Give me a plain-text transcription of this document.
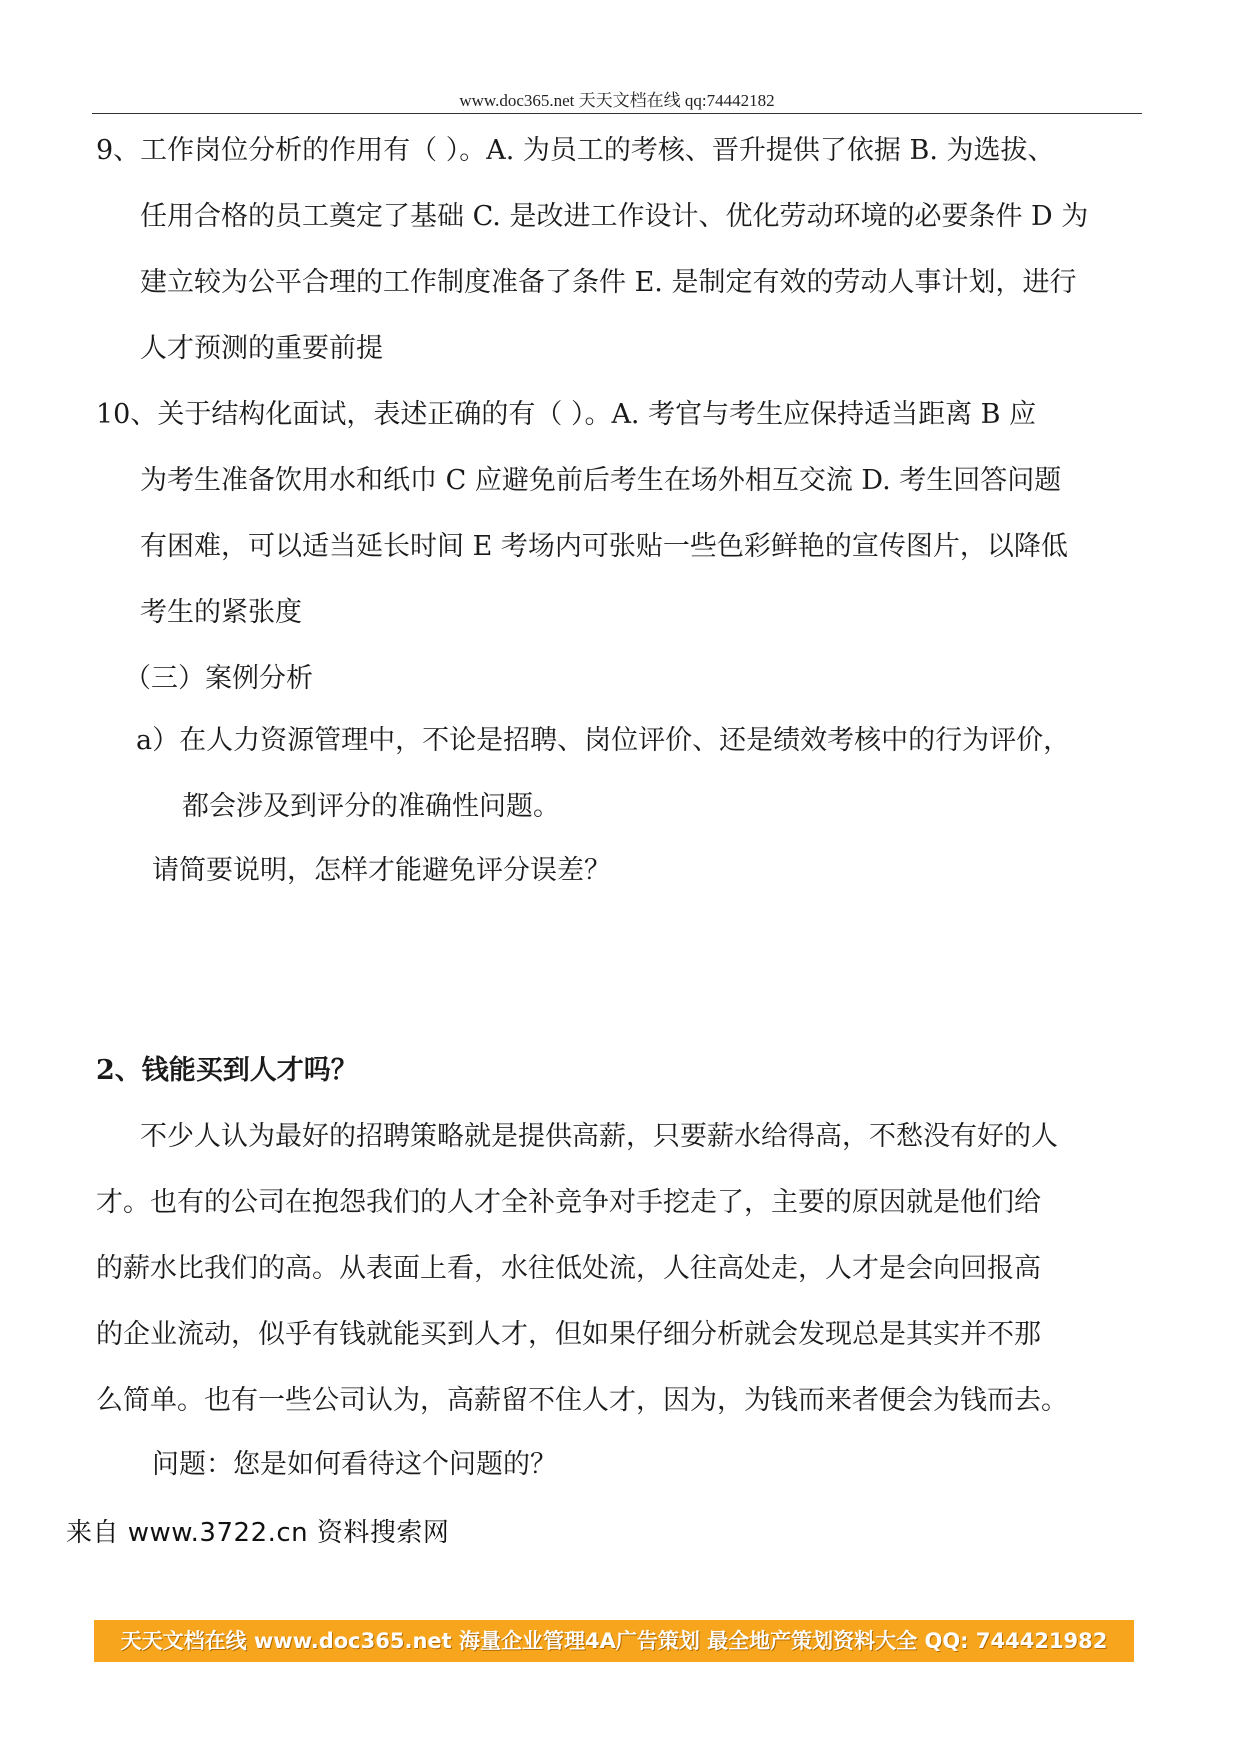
www.doc365.net 天天文档在线 qq:74442182
9、工作岗位分析的作用有（ ）。A. 为员工的考核、晋升提供了依据 B. 为选拔、
任用合格的员工奠定了基础 C. 是改进工作设计、优化劳动环境的必要条件 D 为
建立较为公平合理的工作制度准备了条件 E. 是制定有效的劳动人事计划，进行
人才预测的重要前提
10、关于结构化面试，表述正确的有（ ）。A. 考官与考生应保持适当距离 B 应
为考生准备饮用水和纸巾 C 应避免前后考生在场外相互交流 D. 考生回答问题
有困难，可以适当延长时间 E 考场内可张贴一些色彩鲜艳的宣传图片，以降低
考生的紧张度
（三）案例分析
a）在人力资源管理中，不论是招聘、岗位评价、还是绩效考核中的行为评价，
都会涉及到评分的准确性问题。
请简要说明，怎样才能避免评分误差？
2、钱能买到人才吗？
不少人认为最好的招聘策略就是提供高薪，只要薪水给得高，不愁没有好的人
才。也有的公司在抱怨我们的人才全补竞争对手挖走了，主要的原因就是他们给
的薪水比我们的高。从表面上看，水往低处流，人往高处走，人才是会向回报高
的企业流动，似乎有钱就能买到人才，但如果仔细分析就会发现总是其实并不那
么简单。也有一些公司认为，高薪留不住人才，因为，为钱而来者便会为钱而去。
问题：您是如何看待这个问题的？
来自 www.3722.cn 资料搜索网
天天文档在线 www.doc365.net 海量企业管理4A广告策划 最全地产策划资料大全 QQ: 744421982
